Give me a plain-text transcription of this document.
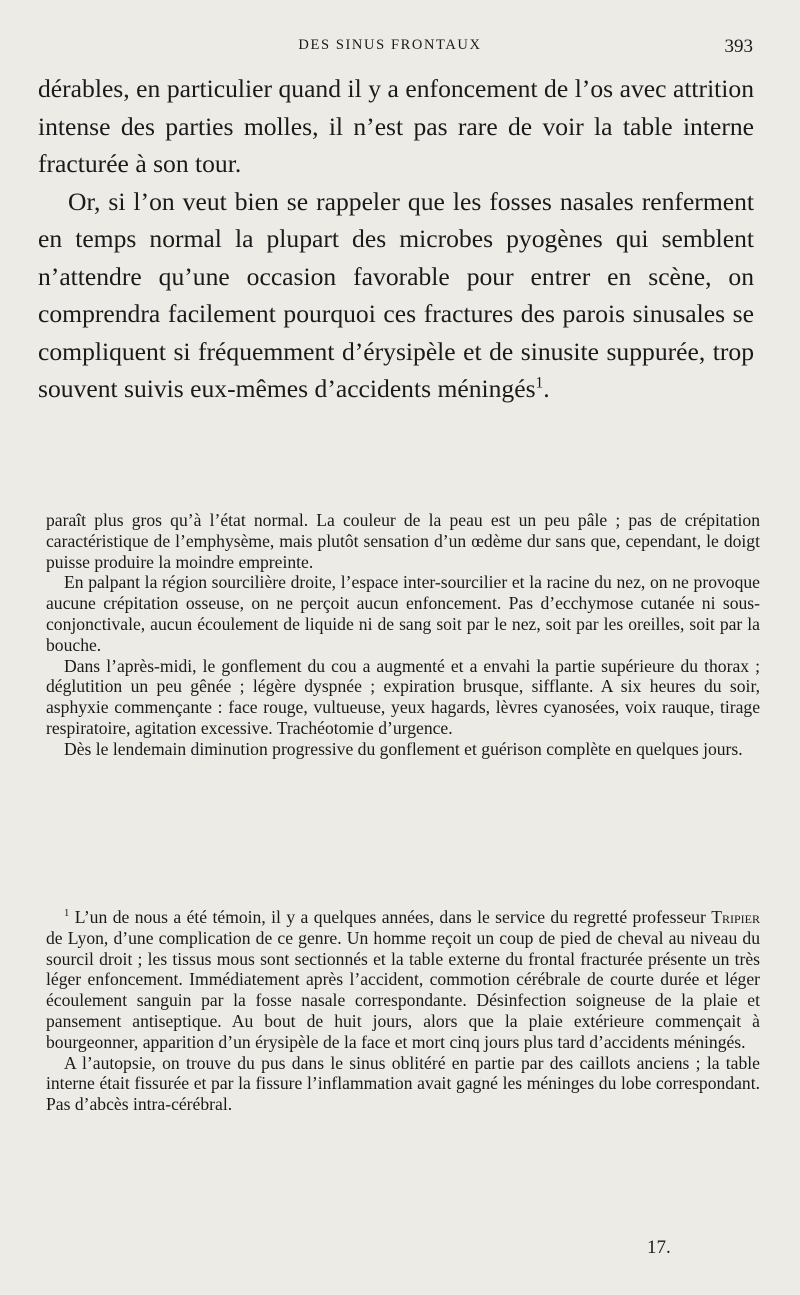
DES SINUS FRONTAUX	393

dérables, en particulier quand il y a enfoncement de l’os avec attrition intense des parties molles, il n’est pas rare de voir la table interne fracturée à son tour.

Or, si l’on veut bien se rappeler que les fosses nasales renferment en temps normal la plupart des microbes pyogènes qui semblent n’attendre qu’une occasion favorable pour entrer en scène, on comprendra facilement pourquoi ces fractures des parois sinusales se compliquent si fréquemment d’érysipèle et de sinusite suppurée, trop souvent suivis eux-mêmes d’accidents méningés$^1$.

paraît plus gros qu’à l’état normal. La couleur de la peau est un peu pâle ; pas de crépitation caractéristique de l’emphysème, mais plutôt sensation d’un œdème dur sans que, cependant, le doigt puisse produire la moindre empreinte.

En palpant la région sourcilière droite, l’espace inter-sourcilier et la racine du nez, on ne provoque aucune crépitation osseuse, on ne perçoit aucun enfoncement. Pas d’ecchymose cutanée ni sous-conjonctivale, aucun écoulement de liquide ni de sang soit par le nez, soit par les oreilles, soit par la bouche.

Dans l’après-midi, le gonflement du cou a augmenté et a envahi la partie supérieure du thorax ; déglutition un peu gênée ; légère dyspnée ; expiration brusque, sifflante. A six heures du soir, asphyxie commençante : face rouge, vultueuse, yeux hagards, lèvres cyanosées, voix rauque, tirage respiratoire, agitation excessive. Trachéotomie d’urgence.

Dès le lendemain diminution progressive du gonflement et guérison complète en quelques jours.

$^1$ L’un de nous a été témoin, il y a quelques années, dans le service du regretté professeur Tripier de Lyon, d’une complication de ce genre. Un homme reçoit un coup de pied de cheval au niveau du sourcil droit ; les tissus mous sont sectionnés et la table externe du frontal fracturée présente un très léger enfoncement. Immédiatement après l’accident, commotion cérébrale de courte durée et léger écoulement sanguin par la fosse nasale correspondante. Désinfection soigneuse de la plaie et pansement antiseptique. Au bout de huit jours, alors que la plaie extérieure commençait à bourgeonner, apparition d’un érysipèle de la face et mort cinq jours plus tard d’accidents méningés.

A l’autopsie, on trouve du pus dans le sinus oblitéré en partie par des caillots anciens ; la table interne était fissurée et par la fissure l’inflammation avait gagné les méninges du lobe correspondant. Pas d’abcès intra-cérébral.

17.
